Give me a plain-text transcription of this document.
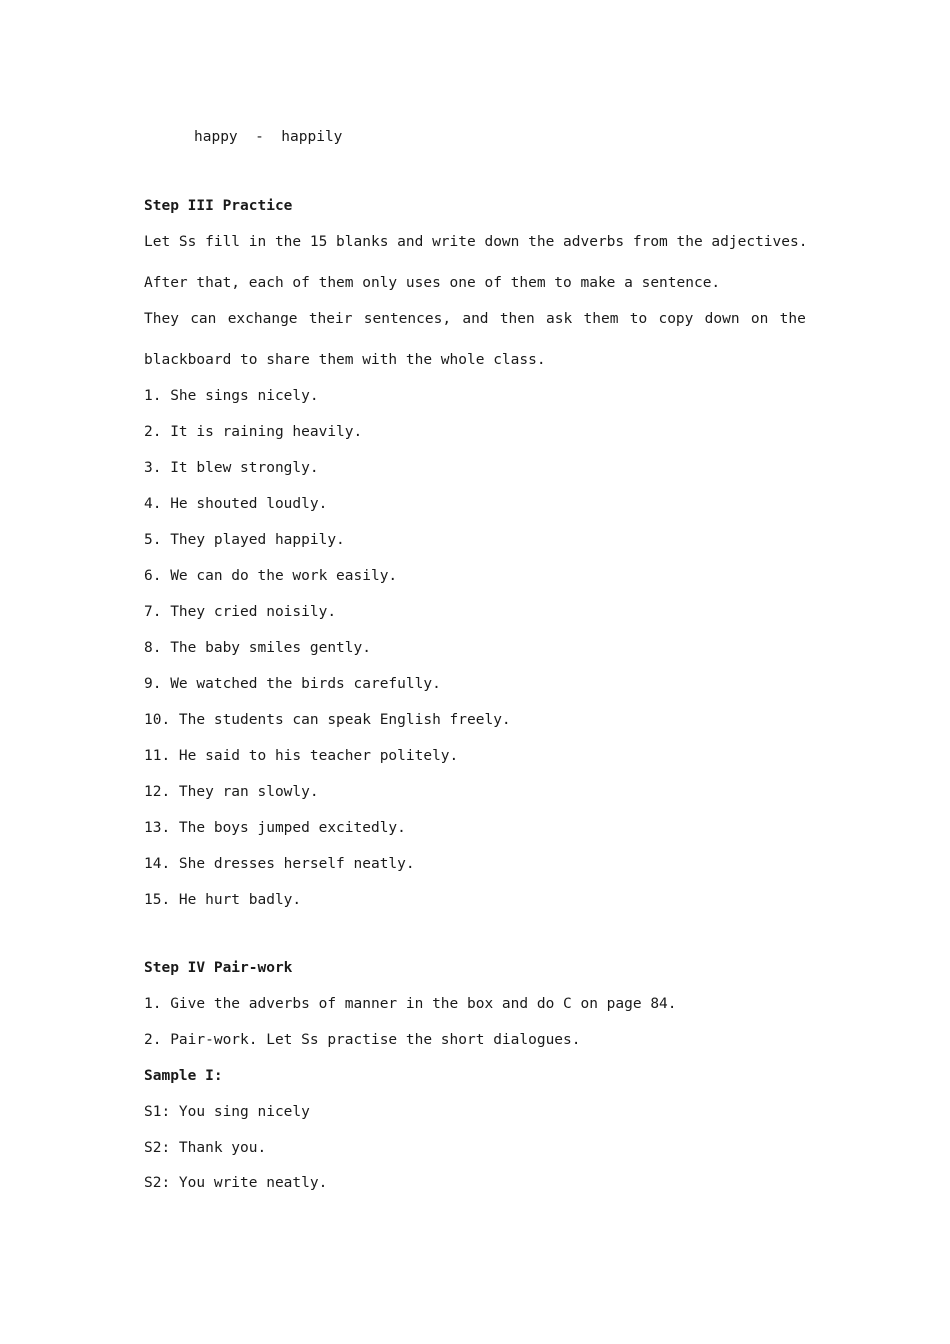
happy  -  happily
Step III Practice
Let Ss fill in the 15 blanks and write down the adverbs from the adjectives.
After that, each of them only uses one of them to make a sentence.
They can exchange their sentences, and then ask them to copy down on the
blackboard to share them with the whole class.
1. She sings nicely.
2. It is raining heavily.
3. It blew strongly.
4. He shouted loudly.
5. They played happily.
6. We can do the work easily.
7. They cried noisily.
8. The baby smiles gently.
9. We watched the birds carefully.
10. The students can speak English freely.
11. He said to his teacher politely.
12. They ran slowly.
13. The boys jumped excitedly.
14. She dresses herself neatly.
15. He hurt badly.
Step IV Pair-work
1. Give the adverbs of manner in the box and do C on page 84.
2. Pair-work. Let Ss practise the short dialogues.
Sample I:
S1: You sing nicely
S2: Thank you.
S2: You write neatly.
